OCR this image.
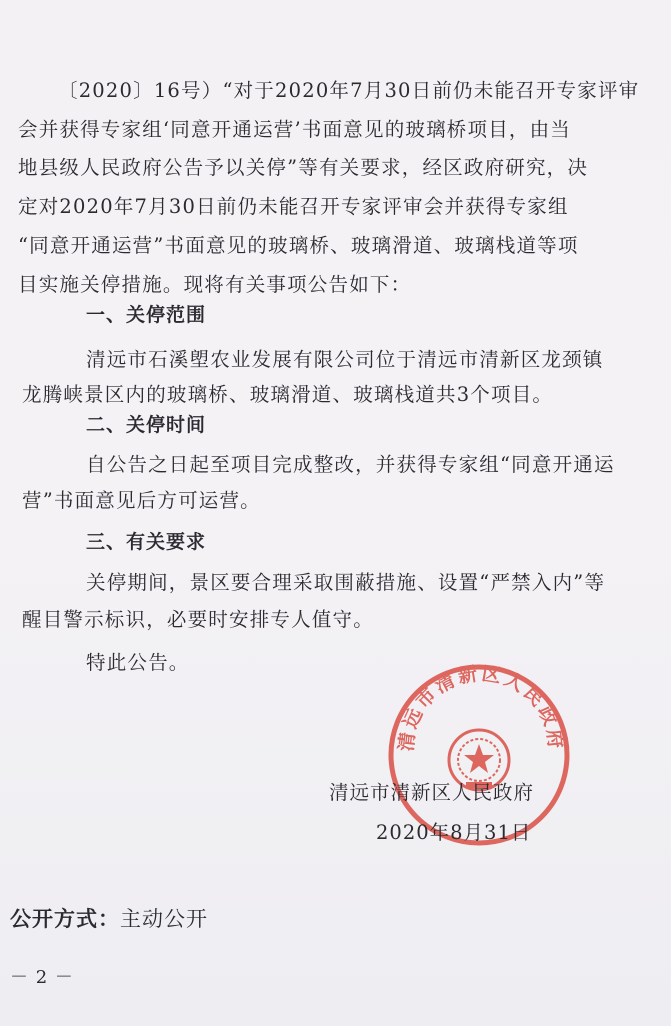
〔2020〕16号）“对于2020年7月30日前仍未能召开专家评审
会并获得专家组‘同意开通运营’书面意见的玻璃桥项目，由当
地县级人民政府公告予以关停”等有关要求，经区政府研究，决
定对2020年7月30日前仍未能召开专家评审会并获得专家组
“同意开通运营”书面意见的玻璃桥、玻璃滑道、玻璃栈道等项
目实施关停措施。现将有关事项公告如下：
一、关停范围
清远市石溪塱农业发展有限公司位于清远市清新区龙颈镇
龙腾峡景区内的玻璃桥、玻璃滑道、玻璃栈道共3个项目。
二、关停时间
自公告之日起至项目完成整改，并获得专家组“同意开通运
营”书面意见后方可运营。
三、有关要求
关停期间，景区要合理采取围蔽措施、设置“严禁入内”等
醒目警示标识，必要时安排专人值守。
特此公告。
清远市清新区人民政府
清远市清新区人民政府
2020年8月31日
公开方式：主动公开
－ 2 －
